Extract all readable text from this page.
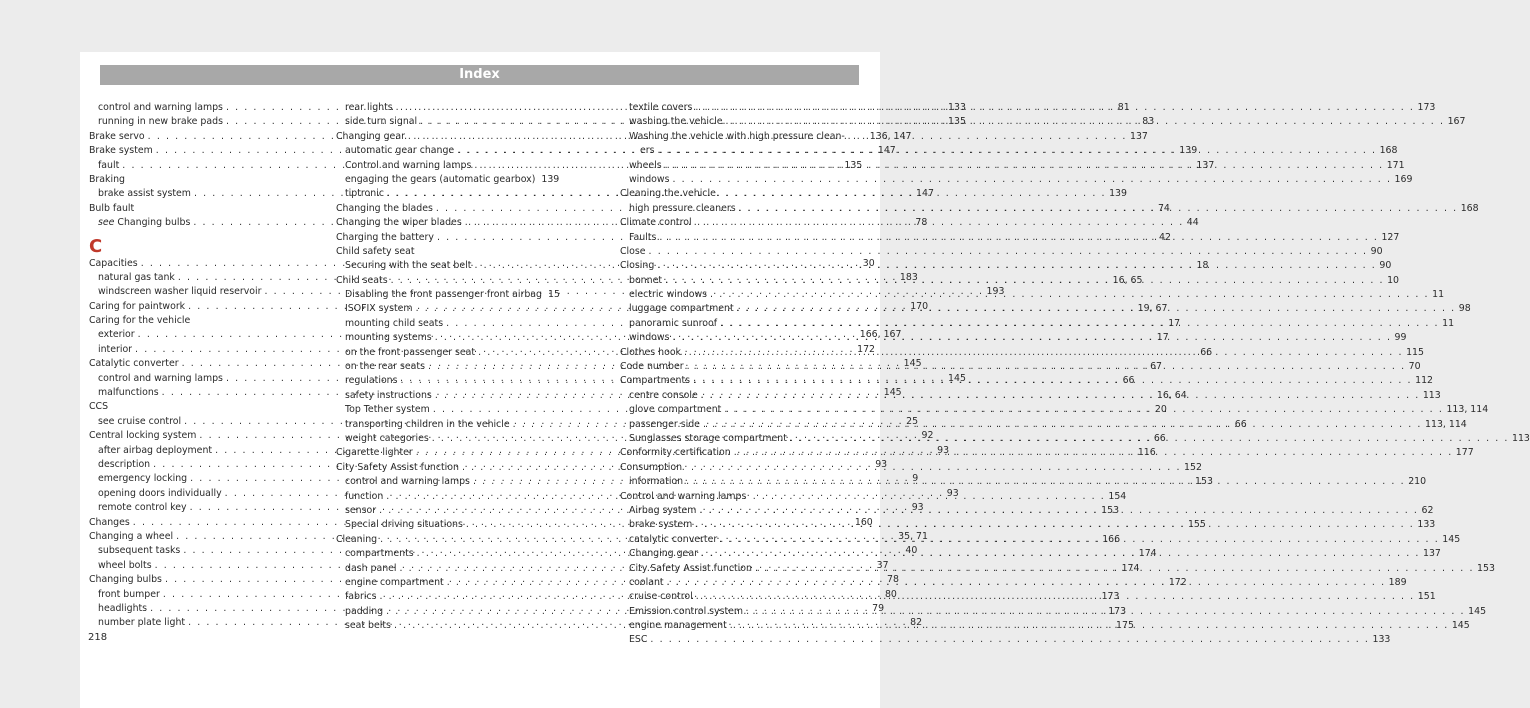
Index
control and warning lamps . . .	133
running in new brake pads . . .	135
Brake servo . . .	136, 147
Brake system . . .	147
fault . . .	135
Braking
brake assist system . . .	147
Bulb fault
see Changing bulbs . . .	78
C
Capacities . . .	30
natural gas tank . . .	183
windscreen washer liquid reservoir . . .	193
Caring for paintwork . . .	170
Caring for the vehicle
exterior . . .	166, 167
interior . . .	172
Catalytic converter . . .	145
control and warning lamps . . .	145
malfunctions . . .	145
CCS
see cruise control . . .	25
Central locking system . . .	92
after airbag deployment . . .	93
description . . .	93
emergency locking . . .	9
opening doors individually . . .	93
remote control key . . .	93
Changes . . .	160
Changing a wheel . . .	35, 71
subsequent tasks . . .	40
wheel bolts . . .	37
Changing bulbs . . .	78
front bumper . . .	80
headlights . . .	79
number plate light . . .	82
rear lights . . .	81
side turn signal . . .	83
Changing gear . . .	137
automatic gear change . . .	139
Control and warning lamps . . .	137
engaging the gears (automatic gearbox) 139
tiptronic . . .	139
Changing the blades . . .	74
Changing the wiper blades . . .	44
Charging the battery . . .	42
Child safety seat
Securing with the seat belt . . .	18
Child seats . . .	16, 65
Disabling the front passenger front airbag 15
ISOFIX system . . .	19, 67
mounting child seats . . .	17
mounting systems . . .	17
on the front passenger seat . . .	66
on the rear seats . . .	67
regulations . . .	66
safety instructions . . .	16, 64
Top Tether system . . .	20
transporting children in the vehicle . . .	66
weight categories . . .	66
Cigarette lighter . . .	116
City Safety Assist function . . .	152
control and warning lamps . . .	153
function . . .	154
sensor . . .	153
Special driving situations . . .	155
Cleaning . . .	166
compartments . . .	174
dash panel . . .	174
engine compartment . . .	172
fabrics . . .	173
padding . . .	173
seat belts . . .	175
textile covers . . .	173
washing the vehicle . . .	167
Washing the vehicle with high pressure clean-
ers . . .	168
wheels . . .	171
windows . . .	169
Cleaning the vehicle
high pressure cleaners . . .	168
Climate control
Faults . . .	127
Close . . .	90
Closing . . .	90
bonnet . . .	10
electric windows . . .	11
luggage compartment . . .	98
panoramic sunroof . . .	11
windows . . .	99
Clothes hook . . .	115
Code number . . .	70
Compartments . . .	112
centre console . . .	113
glove compartment . . .	113, 114
passenger side . . .	113, 114
Sunglasses storage compartment . . .	113
Conformity certification . . .	177
Consumption
information . . .	210
Control and warning lamps
Airbag system . . .	62
brake system . . .	133
catalytic converter . . .	145
Changing gear . . .	137
City Safety Assist function . . .	153
coolant . . .	189
cruise control . . .	151
Emission control system . . .	145
engine management . . .	145
ESC . . .	133
218
